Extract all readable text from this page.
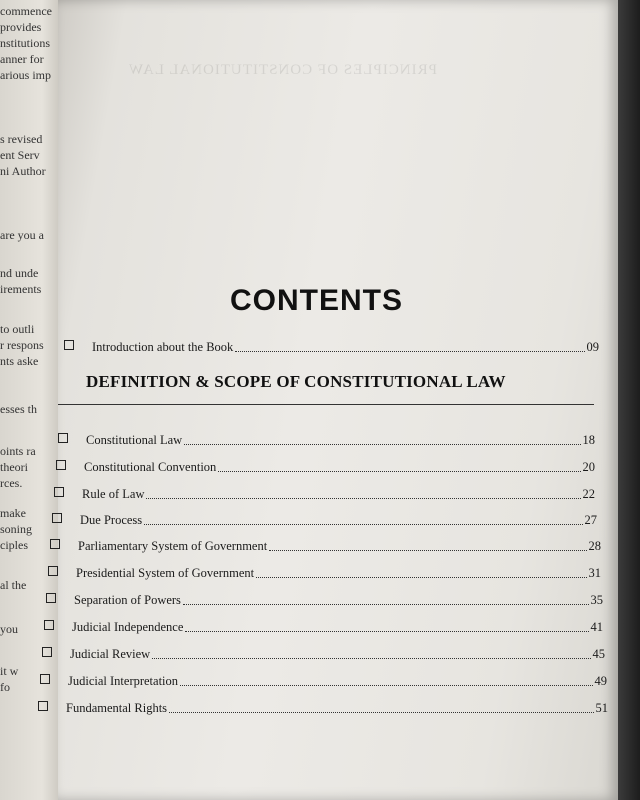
commence
provides
nstitutions
anner for
arious imp
s revised
ent Serv
ni Author
are you a
nd unde
irements
to outli
r respons
nts aske
esses th
oints ra
theori
rces.
make
soning
ciples
al the
you
it w
fo
PRINCIPLES OF CONSTITUTIONAL LAW
CONTENTS
Introduction about the Book	09
DEFINITION & SCOPE OF CONSTITUTIONAL LAW
Constitutional Law	18
Constitutional Convention	20
Rule of Law	22
Due Process	27
Parliamentary System of Government	28
Presidential System of Government	31
Separation of Powers	35
Judicial Independence	41
Judicial Review	45
Judicial Interpretation	49
Fundamental Rights	51
